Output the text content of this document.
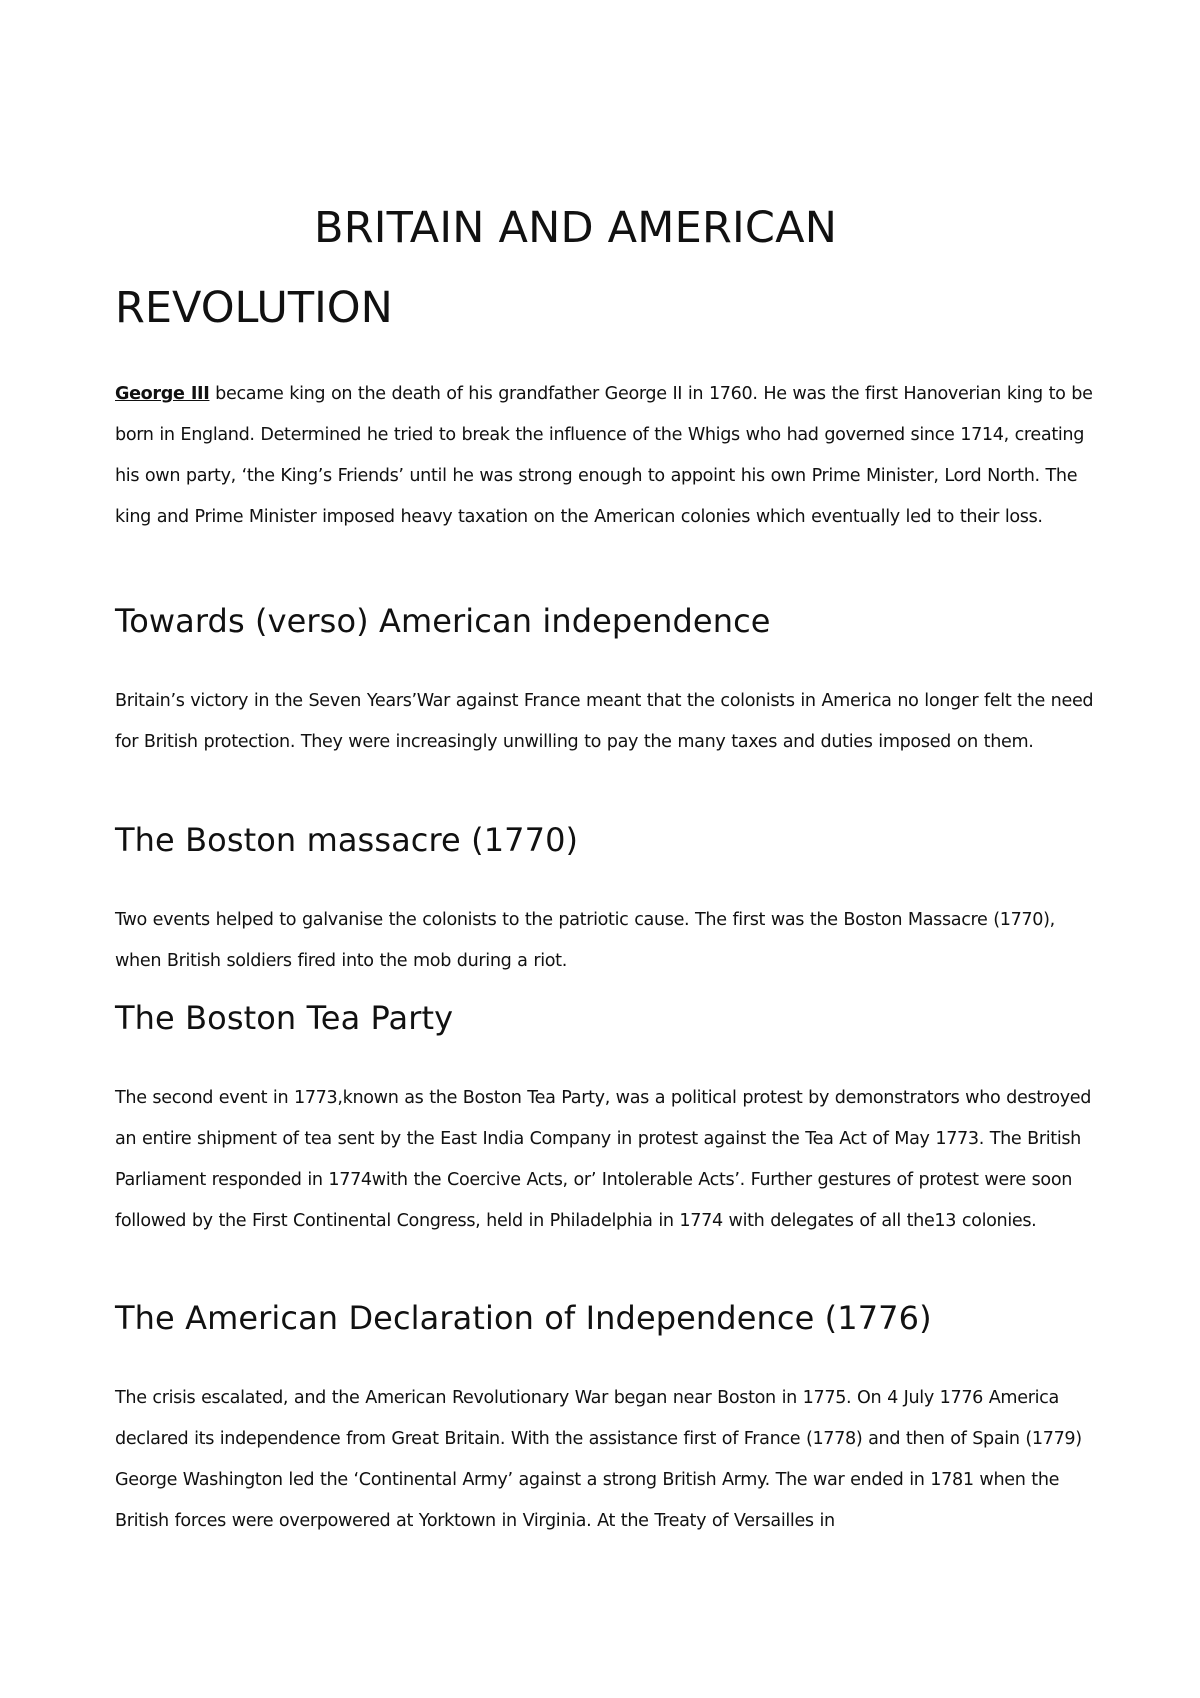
BRITAIN AND AMERICAN
REVOLUTION

George III became king on the death of his grandfather George II in 1760. He was the first Hanoverian king to be born in England. Determined he tried to break the influence of the Whigs who had governed since 1714, creating his own party, ‘the King’s Friends’ until he was strong enough to appoint his own Prime Minister, Lord North. The king and Prime Minister imposed heavy taxation on the American colonies which eventually led to their loss.

Towards (verso) American independence

Britain’s victory in the Seven Years’War against France meant that the colonists in America no longer felt the need for British protection. They were increasingly unwilling to pay the many taxes and duties imposed on them.

The Boston massacre (1770)

Two events helped to galvanise the colonists to the patriotic cause. The first was the Boston Massacre (1770), when British soldiers fired into the mob during a riot.

The Boston Tea Party

The second event in 1773,known as the Boston Tea Party, was a political protest by demonstrators who destroyed an entire shipment of tea sent by the East India Company in protest against the Tea Act of May 1773. The British Parliament responded in 1774with the Coercive Acts, or’ Intolerable Acts’. Further gestures of protest were soon followed by the First Continental Congress, held in Philadelphia in 1774 with delegates of all the13 colonies.

The American Declaration of Independence (1776)

The crisis escalated, and the American Revolutionary War began near Boston in 1775. On 4 July 1776 America declared its independence from Great Britain. With the assistance first of France (1778) and then of Spain (1779) George Washington led the ‘Continental Army’ against a strong British Army. The war ended in 1781 when the British forces were overpowered at Yorktown in Virginia. At the Treaty of Versailles in
